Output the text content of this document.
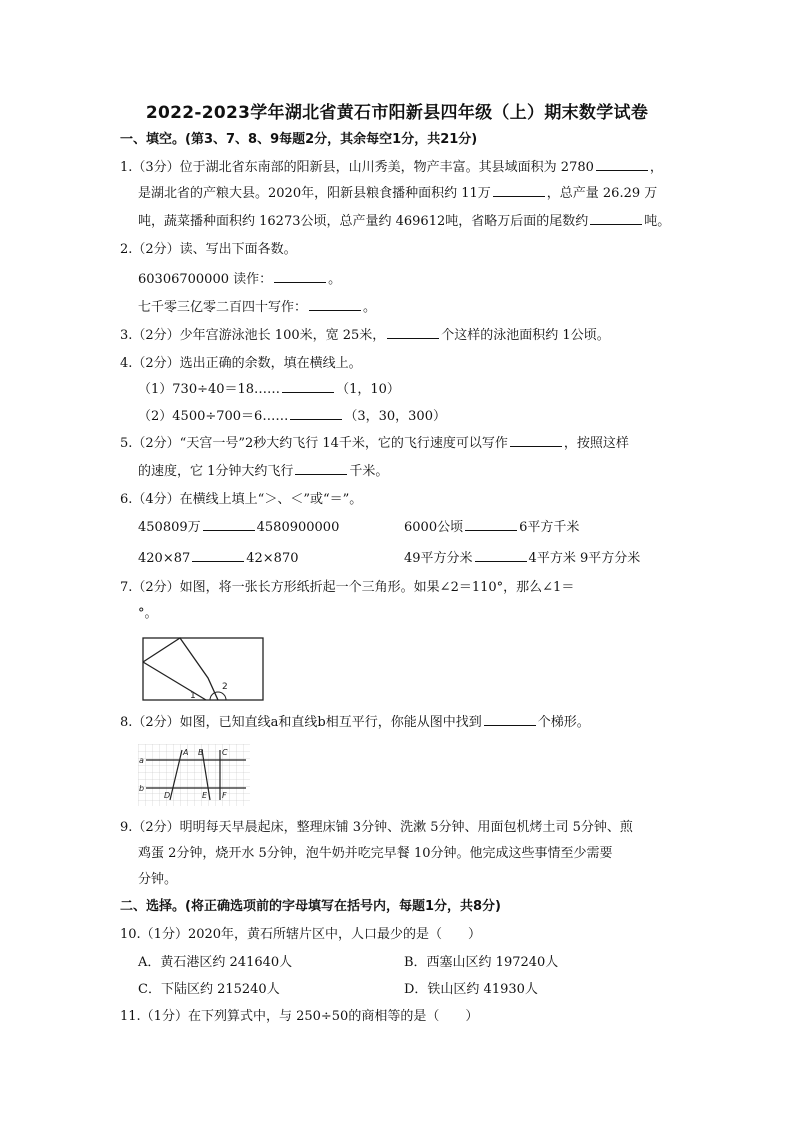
2022-2023学年湖北省黄石市阳新县四年级（上）期末数学试卷
一、填空。(第3、7、8、9每题2分，其余每空1分，共21分)
1.（3分）位于湖北省东南部的阳新县，山川秀美，物产丰富。其县域面积为 2780	，
是湖北省的产粮大县。2020年，阳新县粮食播种面积约 11万	，总产量 26.29 万
吨，蔬菜播种面积约 16273公顷，总产量约 469612吨，省略万后面的尾数约	吨。
2.（2分）读、写出下面各数。
60306700000 读作：	。
七千零三亿零二百四十写作：	。
3.（2分）少年宫游泳池长 100米，宽 25米，	个这样的泳池面积约 1公顷。
4.（2分）选出正确的余数，填在横线上。
（1）730÷40＝18……	（1，10）
（2）4500÷700＝6……	（3，30，300）
5.（2分）“天宫一号”2秒大约飞行 14千米，它的飞行速度可以写作	，按照这样
的速度，它 1分钟大约飞行	千米。
6.（4分）在横线上填上“＞、＜”或“＝”。
450809万	4580900000	6000公顷	6平方千米
420×87	42×870	49平方分米	4平方米 9平方分米
7.（2分）如图，将一张长方形纸折起一个三角形。如果∠2＝110°，那么∠1＝
°。
1
2
8.（2分）如图，已知直线a和直线b相互平行，你能从图中找到	个梯形。
a
b
A B C
D	E F
9.（2分）明明每天早晨起床，整理床铺 3分钟、洗漱 5分钟、用面包机烤土司 5分钟、煎
鸡蛋 2分钟，烧开水 5分钟，泡牛奶并吃完早餐 10分钟。他完成这些事情至少需要
分钟。
二、选择。(将正确选项前的字母填写在括号内，每题1分，共8分)
10.（1分）2020年，黄石所辖片区中，人口最少的是（　　）
A．黄石港区约 241640人	B．西塞山区约 197240人
C．下陆区约 215240人	D．铁山区约 41930人
11.（1分）在下列算式中，与 250÷50的商相等的是（　　）
